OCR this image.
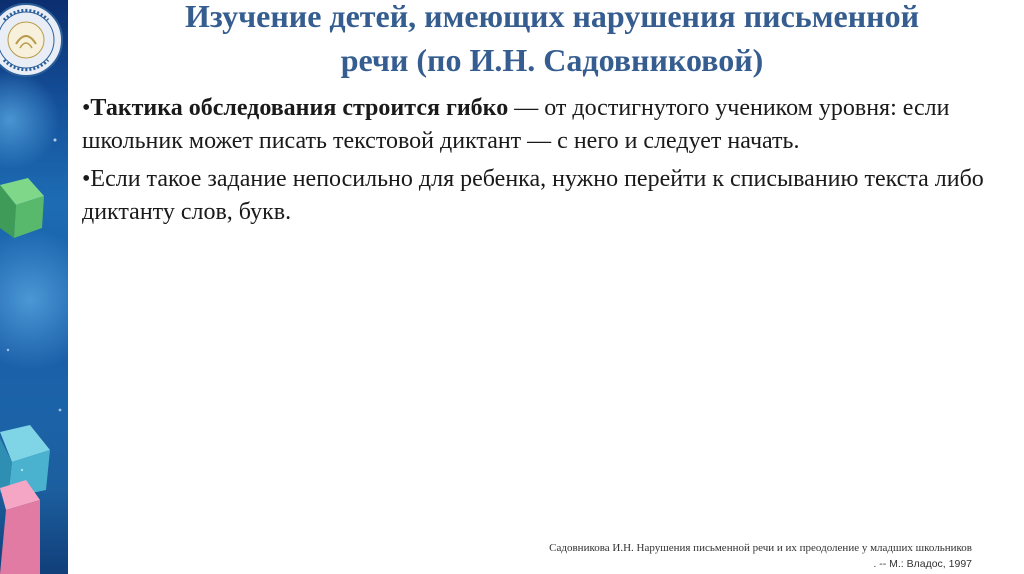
Изучение детей, имеющих нарушения письменной
речи (по И.Н. Садовниковой)

•Тактика обследования строится гибко — от достигнутого учеником уровня: если школьник может писать текстовой диктант — с него и следует начать.

•Если такое задание непосильно для ребенка, нужно перейти к списыванию текста либо диктанту слов, букв.

Садовникова И.Н. Нарушения письменной речи и их преодоление у младших школьников
. -- М.: Владос, 1997
